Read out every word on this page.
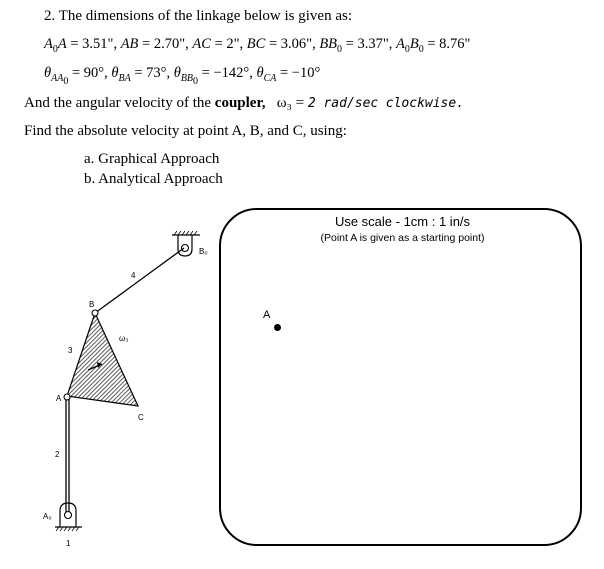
2. The dimensions of the linkage below is given as:
$A_0A = 3.51$", AB = 2.70", AC = 2", BC = 3.06", $BB_0 = 3.37$", $A_0B_0 = 8.76$"
$\theta_{AA_0} = 90^\circ$, $\theta_{BA} = 73^\circ$, $\theta_{BB_0} = -142^\circ$, $\theta_{CA} = -10^\circ$
And the angular velocity of the coupler, ω₃ = 2 rad/sec clockwise.
Find the absolute velocity at point A, B, and C, using:
a. Graphical Approach
b. Analytical Approach
B₀
4
B
ω₃
3
A
C
2
A₀
1
Use scale - 1cm : 1 in/s
(Point A is given as a starting point)
A
